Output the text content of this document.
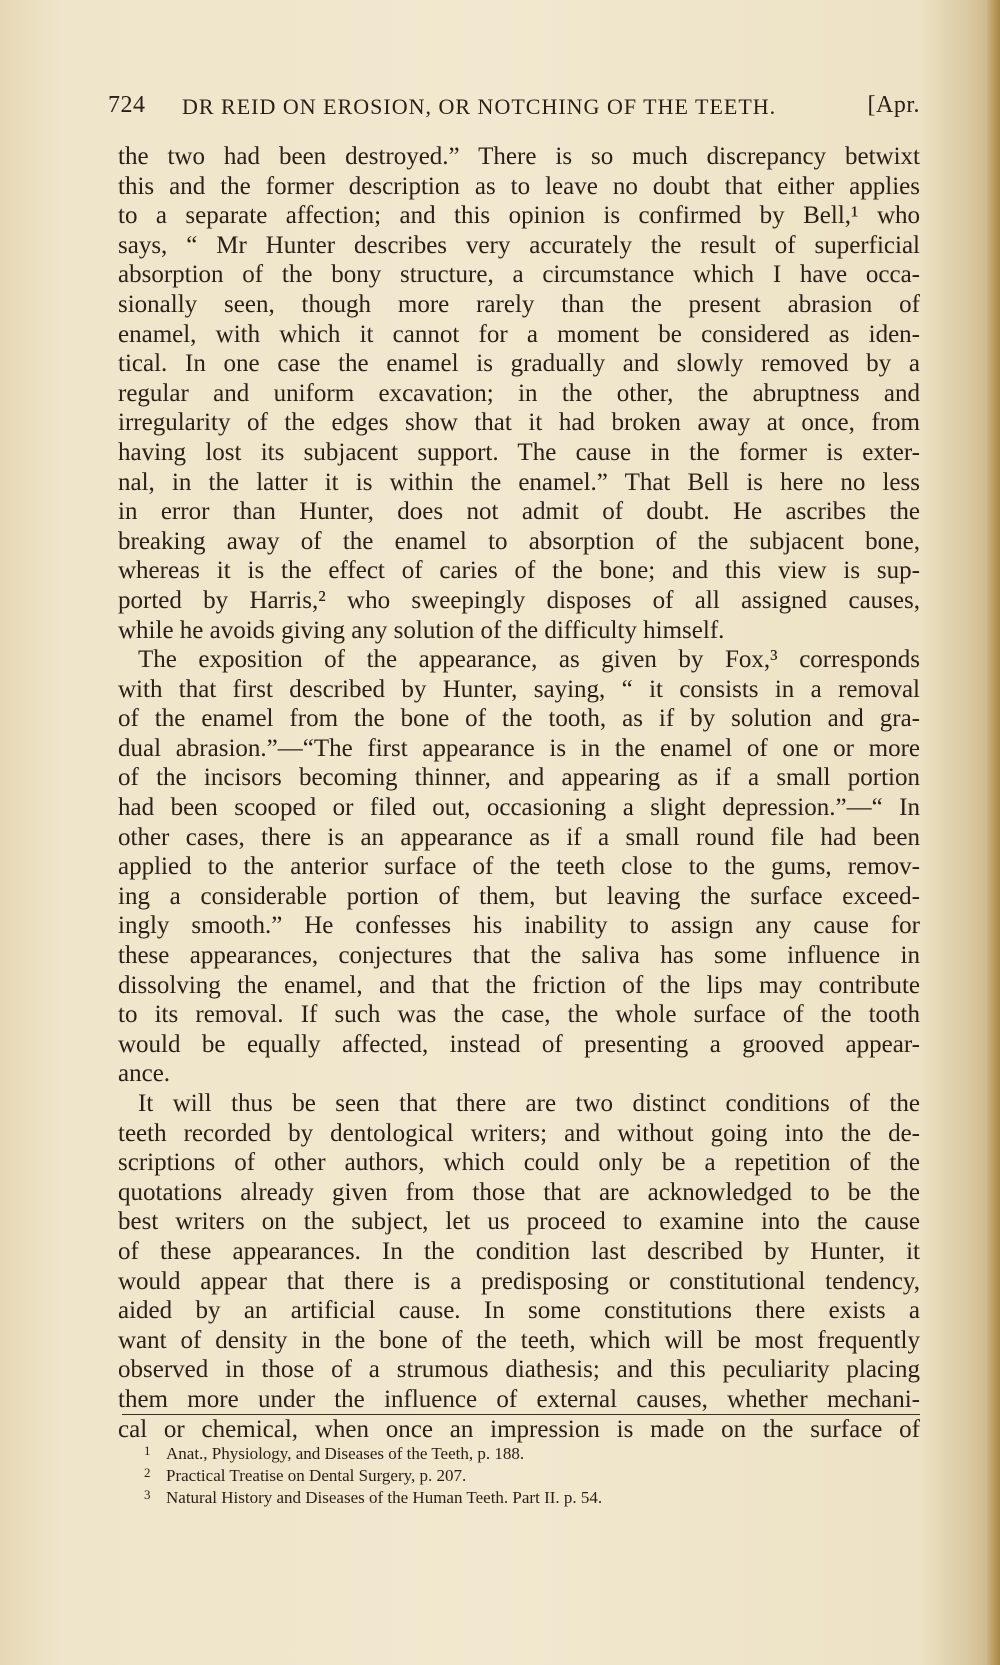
724 DR REID ON EROSION, OR NOTCHING OF THE TEETH.	[Apr.
the two had been destroyed.” There is so much discrepancy betwixt
this and the former description as to leave no doubt that either applies
to a separate affection; and this opinion is confirmed by Bell,¹ who
says, “ Mr Hunter describes very accurately the result of superficial
absorption of the bony structure, a circumstance which I have occa-
sionally seen, though more rarely than the present abrasion of
enamel, with which it cannot for a moment be considered as iden-
tical. In one case the enamel is gradually and slowly removed by a
regular and uniform excavation; in the other, the abruptness and
irregularity of the edges show that it had broken away at once, from
having lost its subjacent support. The cause in the former is exter-
nal, in the latter it is within the enamel.” That Bell is here no less
in error than Hunter, does not admit of doubt. He ascribes the
breaking away of the enamel to absorption of the subjacent bone,
whereas it is the effect of caries of the bone; and this view is sup-
ported by Harris,² who sweepingly disposes of all assigned causes,
while he avoids giving any solution of the difficulty himself.
The exposition of the appearance, as given by Fox,³ corresponds
with that first described by Hunter, saying, “ it consists in a removal
of the enamel from the bone of the tooth, as if by solution and gra-
dual abrasion.”—“The first appearance is in the enamel of one or more
of the incisors becoming thinner, and appearing as if a small portion
had been scooped or filed out, occasioning a slight depression.”—“ In
other cases, there is an appearance as if a small round file had been
applied to the anterior surface of the teeth close to the gums, remov-
ing a considerable portion of them, but leaving the surface exceed-
ingly smooth.” He confesses his inability to assign any cause for
these appearances, conjectures that the saliva has some influence in
dissolving the enamel, and that the friction of the lips may contribute
to its removal. If such was the case, the whole surface of the tooth
would be equally affected, instead of presenting a grooved appear-
ance.
It will thus be seen that there are two distinct conditions of the
teeth recorded by dentological writers; and without going into the de-
scriptions of other authors, which could only be a repetition of the
quotations already given from those that are acknowledged to be the
best writers on the subject, let us proceed to examine into the cause
of these appearances. In the condition last described by Hunter, it
would appear that there is a predisposing or constitutional tendency,
aided by an artificial cause. In some constitutions there exists a
want of density in the bone of the teeth, which will be most frequently
observed in those of a strumous diathesis; and this peculiarity placing
them more under the influence of external causes, whether mechani-
cal or chemical, when once an impression is made on the surface of
1 Anat., Physiology, and Diseases of the Teeth, p. 188.
2 Practical Treatise on Dental Surgery, p. 207.
3 Natural History and Diseases of the Human Teeth. Part II. p. 54.
